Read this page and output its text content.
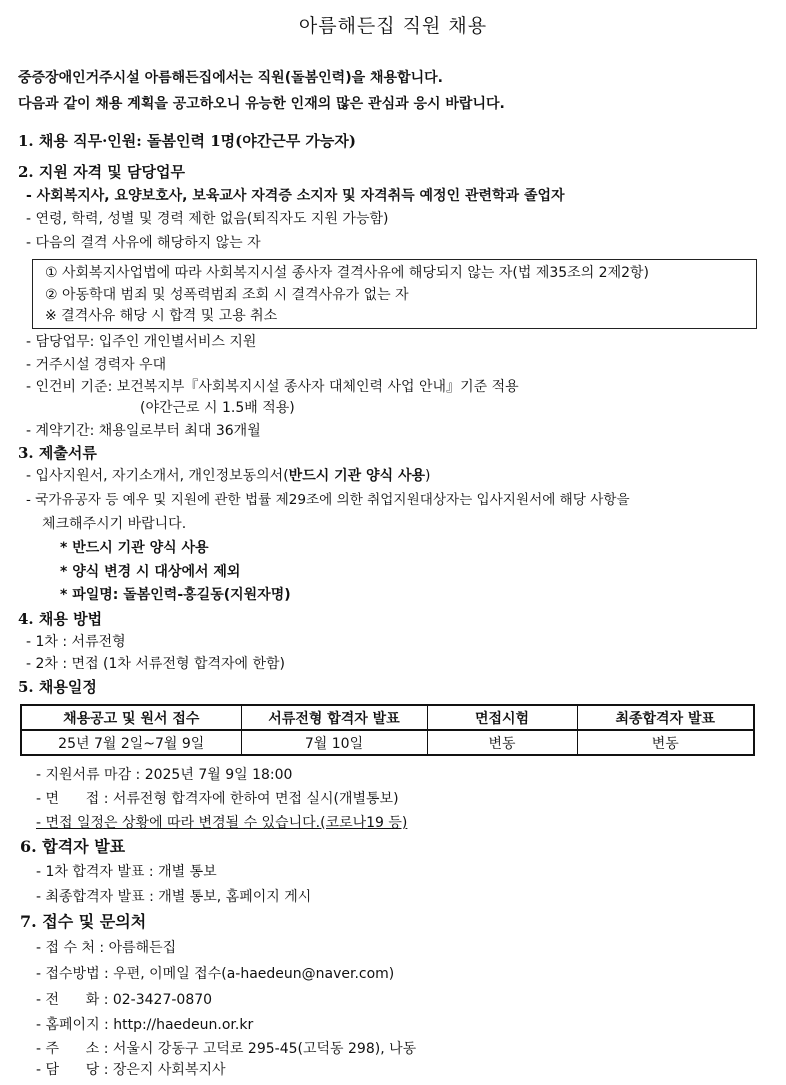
아름해든집 직원 채용
중증장애인거주시설 아름해든집에서는 직원(돌봄인력)을 채용합니다.
다음과 같이 채용 계획을 공고하오니 유능한 인재의 많은 관심과 응시 바랍니다.
1. 채용 직무·인원: 돌봄인력 1명(야간근무 가능자)
2. 지원 자격 및 담당업무
- 사회복지사, 요양보호사, 보육교사 자격증 소지자 및 자격취득 예정인 관련학과 졸업자
- 연령, 학력, 성별 및 경력 제한 없음(퇴직자도 지원 가능함)
- 다음의 결격 사유에 해당하지 않는 자
① 사회복지사업법에 따라 사회복지시설 종사자 결격사유에 해당되지 않는 자(법 제35조의 2제2항)
② 아동학대 범죄 및 성폭력범죄 조회 시 결격사유가 없는 자
※ 결격사유 해당 시 합격 및 고용 취소
- 담당업무: 입주인 개인별서비스 지원
- 거주시설 경력자 우대
- 인건비 기준: 보건복지부『사회복지시설 종사자 대체인력 사업 안내』기준 적용
(야간근로 시 1.5배 적용)
- 계약기간: 채용일로부터 최대 36개월
3. 제출서류
- 입사지원서, 자기소개서, 개인정보동의서(반드시 기관 양식 사용)
- 국가유공자 등 예우 및 지원에 관한 법률 제29조에 의한 취업지원대상자는 입사지원서에 해당 사항을
체크해주시기 바랍니다.
* 반드시 기관 양식 사용
* 양식 변경 시 대상에서 제외
* 파일명: 돌봄인력-홍길동(지원자명)
4. 채용 방법
- 1차 : 서류전형
- 2차 : 면접 (1차 서류전형 합격자에 한함)
5. 채용일정
채용공고 및 원서 접수	서류전형 합격자 발표	면접시험	최종합격자 발표
25년 7월 2일~7월 9일	7월 10일	변동	변동
- 지원서류 마감 : 2025년 7월 9일 18:00
- 면      접 : 서류전형 합격자에 한하여 면접 실시(개별통보)
- 면접 일정은 상황에 따라 변경될 수 있습니다.(코로나19 등)
6. 합격자 발표
- 1차 합격자 발표 : 개별 통보
- 최종합격자 발표 : 개별 통보, 홈페이지 게시
7. 접수 및 문의처
- 접 수 처 : 아름해든집
- 접수방법 : 우편, 이메일 접수(a-haedeun@naver.com)
- 전      화 : 02-3427-0870
- 홈페이지 : http://haedeun.or.kr
- 주      소 : 서울시 강동구 고덕로 295-45(고덕동 298), 나동
- 담      당 : 장은지 사회복지사
